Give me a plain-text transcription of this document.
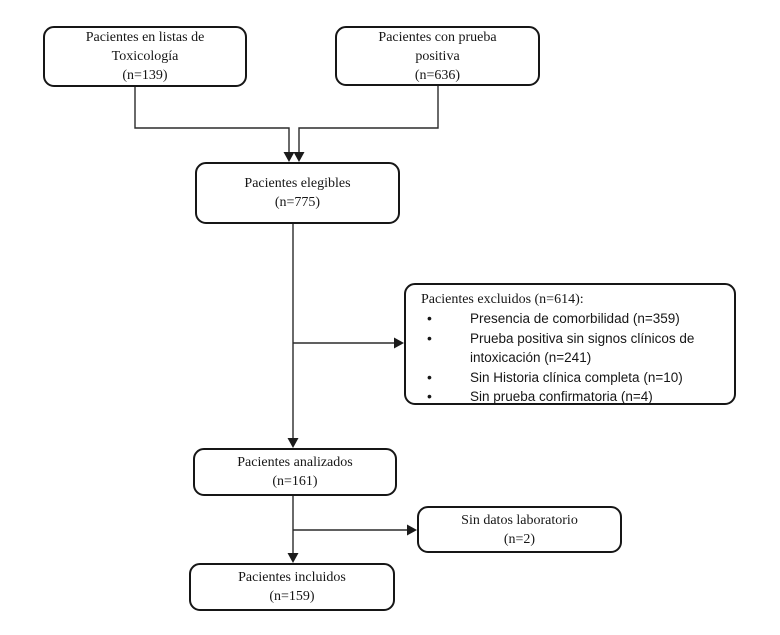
Pacientes en listas de
Toxicología
(n=139)
Pacientes con prueba
positiva
(n=636)
Pacientes elegibles
(n=775)
Pacientes excluidos (n=614):
•	Presencia de comorbilidad (n=359)
•	Prueba positiva sin signos clínicos de intoxicación (n=241)
•	Sin Historia clínica completa (n=10)
•	Sin prueba confirmatoria (n=4)
Pacientes analizados
(n=161)
Sin datos laboratorio
(n=2)
Pacientes incluidos
(n=159)
